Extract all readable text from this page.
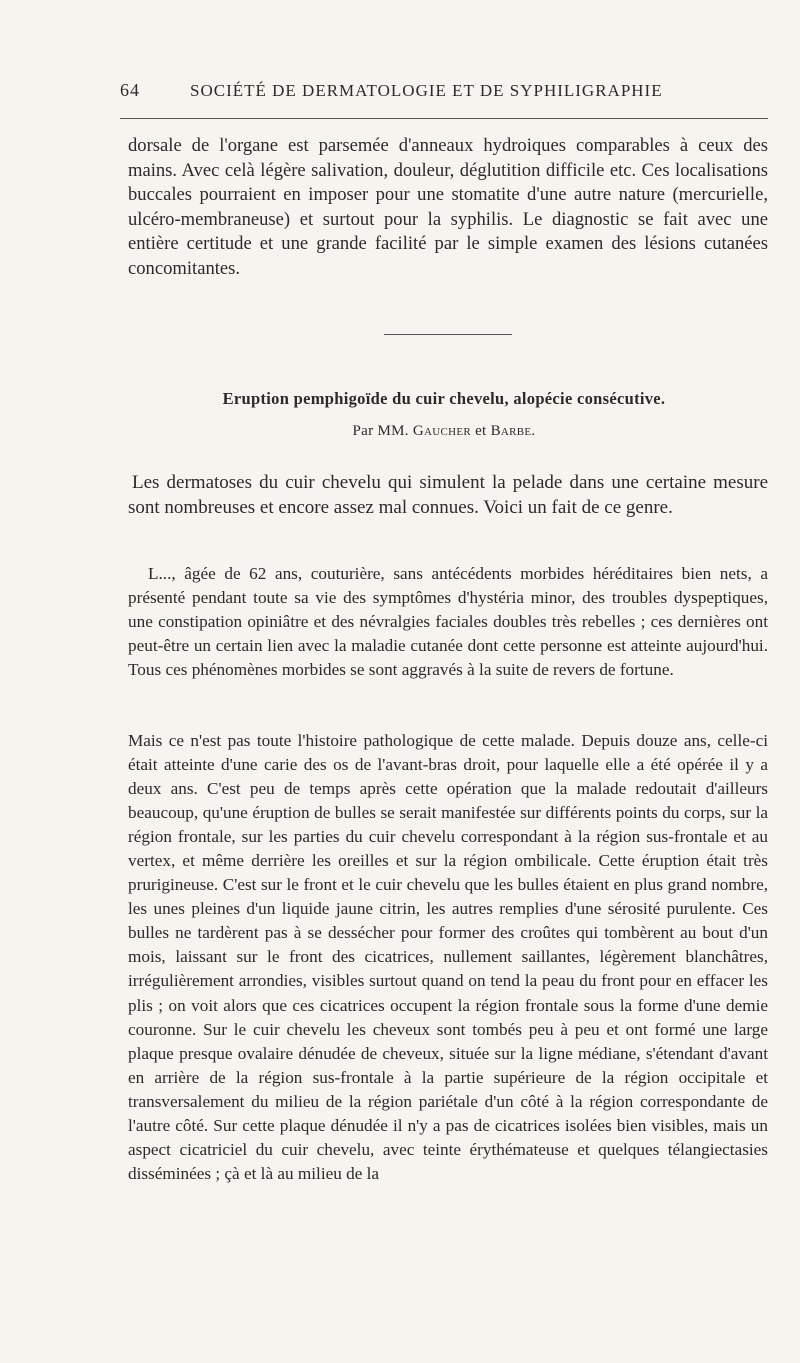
64	SOCIÉTÉ DE DERMATOLOGIE ET DE SYPHILIGRAPHIE

dorsale de l'organe est parsemée d'anneaux hydroiques comparables à ceux des mains. Avec celà légère salivation, douleur, déglutition difficile etc. Ces localisations buccales pourraient en imposer pour une stomatite d'une autre nature (mercurielle, ulcéro-membraneuse) et surtout pour la syphilis. Le diagnostic se fait avec une entière certitude et une grande facilité par le simple examen des lésions cutanées concomitantes.

Eruption pemphigoïde du cuir chevelu, alopécie consécutive.

Par MM. Gaucher et Barbe.

Les dermatoses du cuir chevelu qui simulent la pelade dans une certaine mesure sont nombreuses et encore assez mal connues. Voici un fait de ce genre.

L..., âgée de 62 ans, couturière, sans antécédents morbides héréditaires bien nets, a présenté pendant toute sa vie des symptômes d'hystéria minor, des troubles dyspeptiques, une constipation opiniâtre et des névralgies faciales doubles très rebelles ; ces dernières ont peut-être un certain lien avec la maladie cutanée dont cette personne est atteinte aujourd'hui. Tous ces phénomènes morbides se sont aggravés à la suite de revers de fortune.

Mais ce n'est pas toute l'histoire pathologique de cette malade. Depuis douze ans, celle-ci était atteinte d'une carie des os de l'avant-bras droit, pour laquelle elle a été opérée il y a deux ans. C'est peu de temps après cette opération que la malade redoutait d'ailleurs beaucoup, qu'une éruption de bulles se serait manifestée sur différents points du corps, sur la région frontale, sur les parties du cuir chevelu correspondant à la région sus-frontale et au vertex, et même derrière les oreilles et sur la région ombilicale. Cette éruption était très prurigineuse. C'est sur le front et le cuir chevelu que les bulles étaient en plus grand nombre, les unes pleines d'un liquide jaune citrin, les autres remplies d'une sérosité purulente. Ces bulles ne tardèrent pas à se dessécher pour former des croûtes qui tombèrent au bout d'un mois, laissant sur le front des cicatrices, nullement saillantes, légèrement blanchâtres, irrégulièrement arrondies, visibles surtout quand on tend la peau du front pour en effacer les plis ; on voit alors que ces cicatrices occupent la région frontale sous la forme d'une demie couronne. Sur le cuir chevelu les cheveux sont tombés peu à peu et ont formé une large plaque presque ovalaire dénudée de cheveux, située sur la ligne médiane, s'étendant d'avant en arrière de la région sus-frontale à la partie supérieure de la région occipitale et transversalement du milieu de la région pariétale d'un côté à la région correspondante de l'autre côté. Sur cette plaque dénudée il n'y a pas de cicatrices isolées bien visibles, mais un aspect cicatriciel du cuir chevelu, avec teinte érythémateuse et quelques télangiectasies disséminées ; çà et là au milieu de la
